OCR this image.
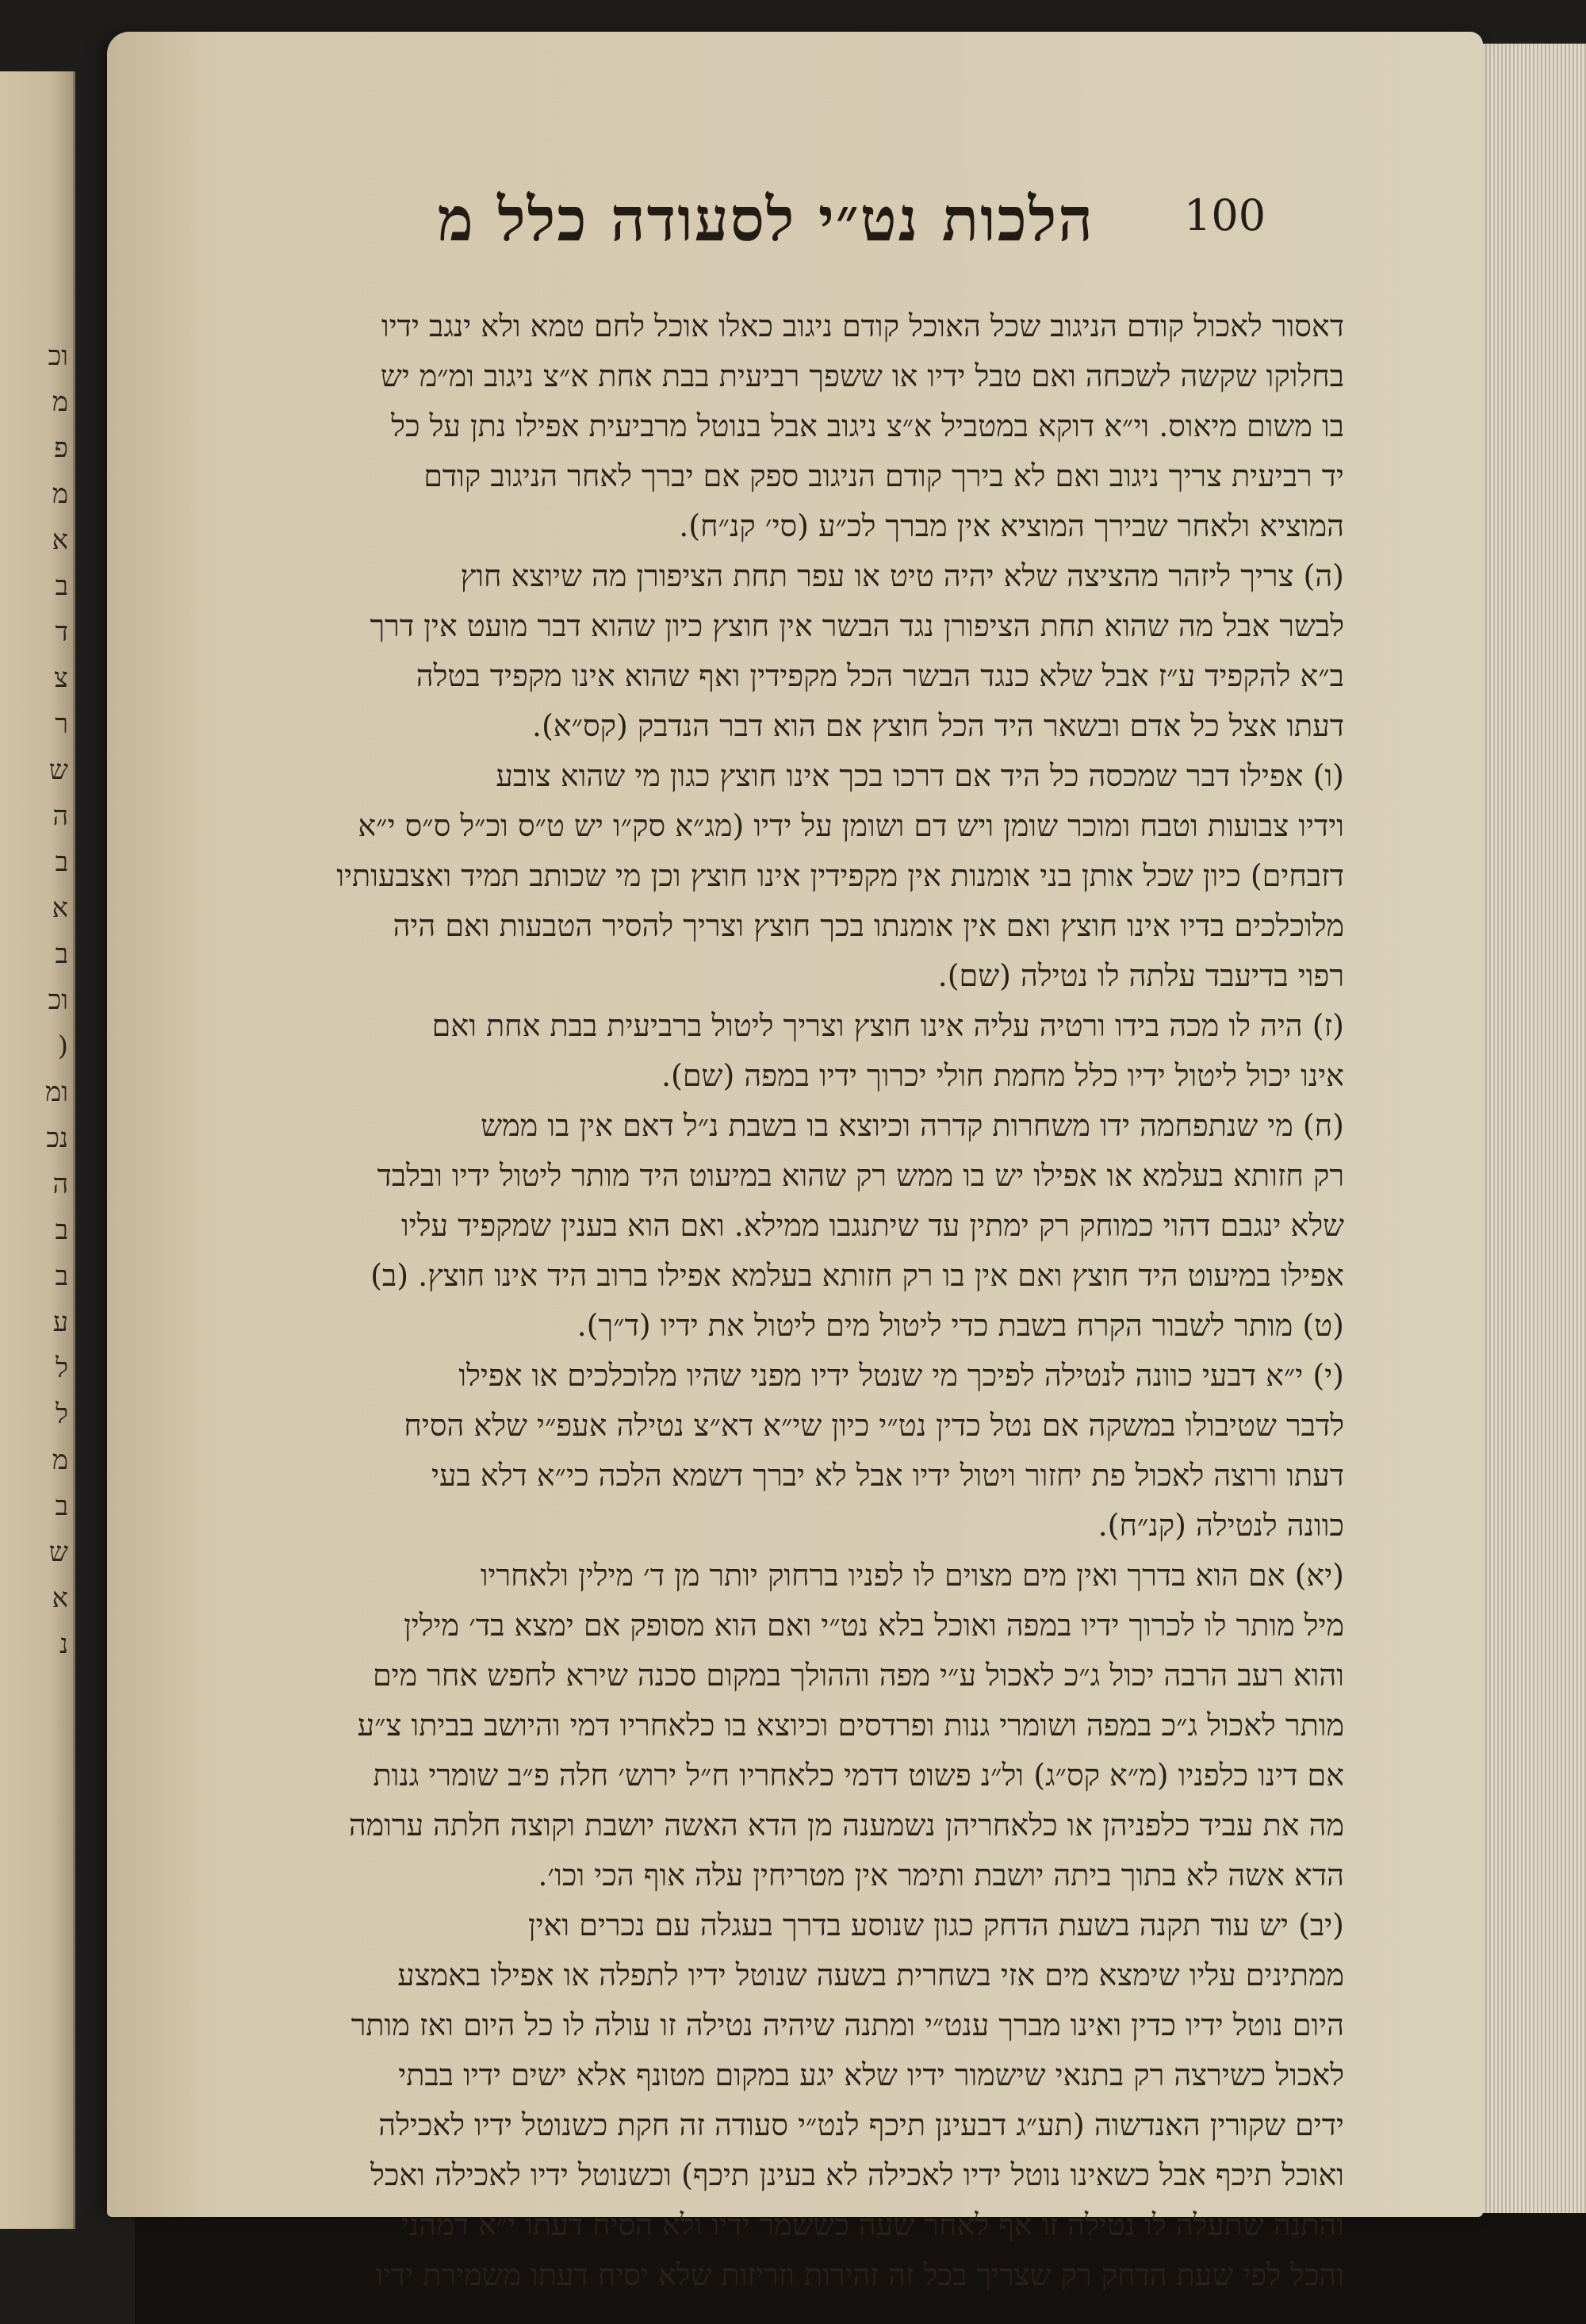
וכ
מ
פ
מ
א
ב
ד
צ
ר
ש
ה
ב
א
ב
וכ
(
ומ
נכ
ה
ב
ב
ע
ל
ל
מ
ב
ש
א
נ
100
הלכות נט״י לסעודה כלל מ
דאסור לאכול קודם הניגוב שכל האוכל קודם ניגוב כאלו אוכל לחם טמא ולא ינגב ידיו
בחלוקו שקשה לשכחה ואם טבל ידיו או ששפך רביעית בבת אחת א״צ ניגוב ומ״מ יש
בו משום מיאוס. וי״א דוקא במטביל א״צ ניגוב אבל בנוטל מרביעית אפילו נתן על כל
יד רביעית צריך ניגוב ואם לא בירך קודם הניגוב ספק אם יברך לאחר הניגוב קודם
המוציא ולאחר שבירך המוציא אין מברך לכ״ע (סי׳ קנ״ח).
(ה) צריך ליזהר מהציצה שלא יהיה טיט או עפר תחת הציפורן מה שיוצא חוץ
לבשר אבל מה שהוא תחת הציפורן נגד הבשר אין חוצץ כיון שהוא דבר מועט אין דרך
ב״א להקפיד ע״ז אבל שלא כנגד הבשר הכל מקפידין ואף שהוא אינו מקפיד בטלה
דעתו אצל כל אדם ובשאר היד הכל חוצץ אם הוא דבר הנדבק (קס״א).
(ו) אפילו דבר שמכסה כל היד אם דרכו בכך אינו חוצץ כגון מי שהוא צובע
וידיו צבועות וטבח ומוכר שומן ויש דם ושומן על ידיו (מג״א סק״ו יש ט״ס וכ״ל ס״ס י״א
דזבחים) כיון שכל אותן בני אומנות אין מקפידין אינו חוצץ וכן מי שכותב תמיד ואצבעותיו
מלוכלכים בדיו אינו חוצץ ואם אין אומנתו בכך חוצץ וצריך להסיר הטבעות ואם היה
רפוי בדיעבד עלתה לו נטילה (שם).
(ז) היה לו מכה בידו ורטיה עליה אינו חוצץ וצריך ליטול ברביעית בבת אחת ואם
אינו יכול ליטול ידיו כלל מחמת חולי יכרוך ידיו במפה (שם).
(ח) מי שנתפחמה ידו משחרות קדרה וכיוצא בו בשבת נ״ל דאם אין בו ממש
רק חזותא בעלמא או אפילו יש בו ממש רק שהוא במיעוט היד מותר ליטול ידיו ובלבד
שלא ינגבם דהוי כמוחק רק ימתין עד שיתנגבו ממילא. ואם הוא בענין שמקפיד עליו
אפילו במיעוט היד חוצץ ואם אין בו רק חזותא בעלמא אפילו ברוב היד אינו חוצץ. (ב)
(ט) מותר לשבור הקרח בשבת כדי ליטול מים ליטול את ידיו (ד״ך).
(י) י״א דבעי כוונה לנטילה לפיכך מי שנטל ידיו מפני שהיו מלוכלכים או אפילו
לדבר שטיבולו במשקה אם נטל כדין נט״י כיון שי״א דא״צ נטילה אעפ״י שלא הסיח
דעתו ורוצה לאכול פת יחזור ויטול ידיו אבל לא יברך דשמא הלכה כי״א דלא בעי
כוונה לנטילה (קנ״ח).
(יא) אם הוא בדרך ואין מים מצוים לו לפניו ברחוק יותר מן ד׳ מילין ולאחריו
מיל מותר לו לכרוך ידיו במפה ואוכל בלא נט״י ואם הוא מסופק אם ימצא בד׳ מילין
והוא רעב הרבה יכול ג״כ לאכול ע״י מפה וההולך במקום סכנה שירא לחפש אחר מים
מותר לאכול ג״כ במפה ושומרי גנות ופרדסים וכיוצא בו כלאחריו דמי והיושב בביתו צ״ע
אם דינו כלפניו (מ״א קס״ג) ול״נ פשוט דדמי כלאחריו ח״ל ירוש׳ חלה פ״ב שומרי גנות
מה את עביד כלפניהן או כלאחריהן נשמענה מן הדא האשה יושבת וקוצה חלתה ערומה
הדא אשה לא בתוך ביתה יושבת ותימר אין מטריחין עלה אוף הכי וכו׳.
(יב) יש עוד תקנה בשעת הדחק כגון שנוסע בדרך בעגלה עם נכרים ואין
ממתינים עליו שימצא מים אזי בשחרית בשעה שנוטל ידיו לתפלה או אפילו באמצע
היום נוטל ידיו כדין ואינו מברך ענט״י ומתנה שיהיה נטילה זו עולה לו כל היום ואז מותר
לאכול כשירצה רק בתנאי שישמור ידיו שלא יגע במקום מטונף אלא ישים ידיו בבתי
ידים שקורין האנדשוה (תע״ג דבעינן תיכף לנט״י סעודה זה חקת כשנוטל ידיו לאכילה
ואוכל תיכף אבל כשאינו נוטל ידיו לאכילה לא בעינן תיכף) וכשנוטל ידיו לאכילה ואכל
והתנה שתעלה לו נטילה זו אף לאחר שעה כששמר ידיו ולא הסיח דעתו י״א דמהני
והכל לפי שעת הדחק רק שצריך בכל זה זהירות וזריזות שלא יסיח דעתו משמירת ידיו
